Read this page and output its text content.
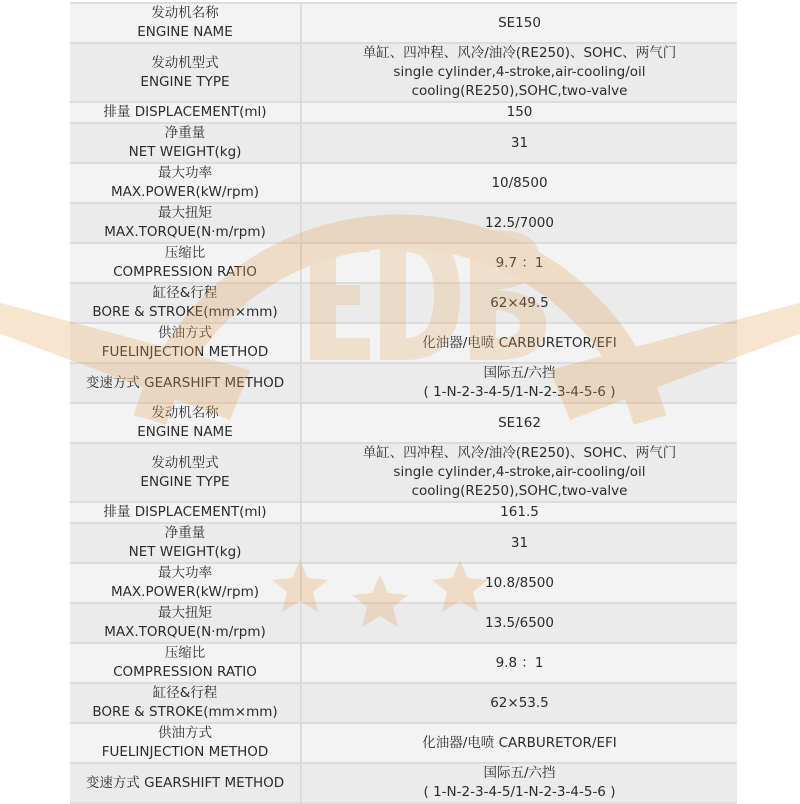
发动机名称
ENGINE NAME	SE150

发动机型式
ENGINE TYPE	单缸、四冲程、风冷/油冷(RE250)、SOHC、两气门
single cylinder,4-stroke,air-cooling/oil
cooling(RE250),SOHC,two-valve

排量 DISPLACEMENT(ml)	150

净重量
NET WEIGHT(kg)	31

最大功率
MAX.POWER(kW/rpm)	10/8500

最大扭矩
MAX.TORQUE(N·m/rpm)	12.5/7000

压缩比
COMPRESSION RATIO	9.7 ：1

缸径&行程
BORE & STROKE(mm×mm)	62×49.5

供油方式
FUELINJECTION METHOD	化油器/电喷 CARBURETOR/EFI

变速方式 GEARSHIFT METHOD	国际五/六挡
( 1-N-2-3-4-5/1-N-2-3-4-5-6 )

发动机名称
ENGINE NAME	SE162

发动机型式
ENGINE TYPE	单缸、四冲程、风冷/油冷(RE250)、SOHC、两气门
single cylinder,4-stroke,air-cooling/oil
cooling(RE250),SOHC,two-valve

排量 DISPLACEMENT(ml)	161.5

净重量
NET WEIGHT(kg)	31

最大功率
MAX.POWER(kW/rpm)	10.8/8500

最大扭矩
MAX.TORQUE(N·m/rpm)	13.5/6500

压缩比
COMPRESSION RATIO	9.8 ：1

缸径&行程
BORE & STROKE(mm×mm)	62×53.5

供油方式
FUELINJECTION METHOD	化油器/电喷 CARBURETOR/EFI

变速方式 GEARSHIFT METHOD	国际五/六挡
( 1-N-2-3-4-5/1-N-2-3-4-5-6 )
